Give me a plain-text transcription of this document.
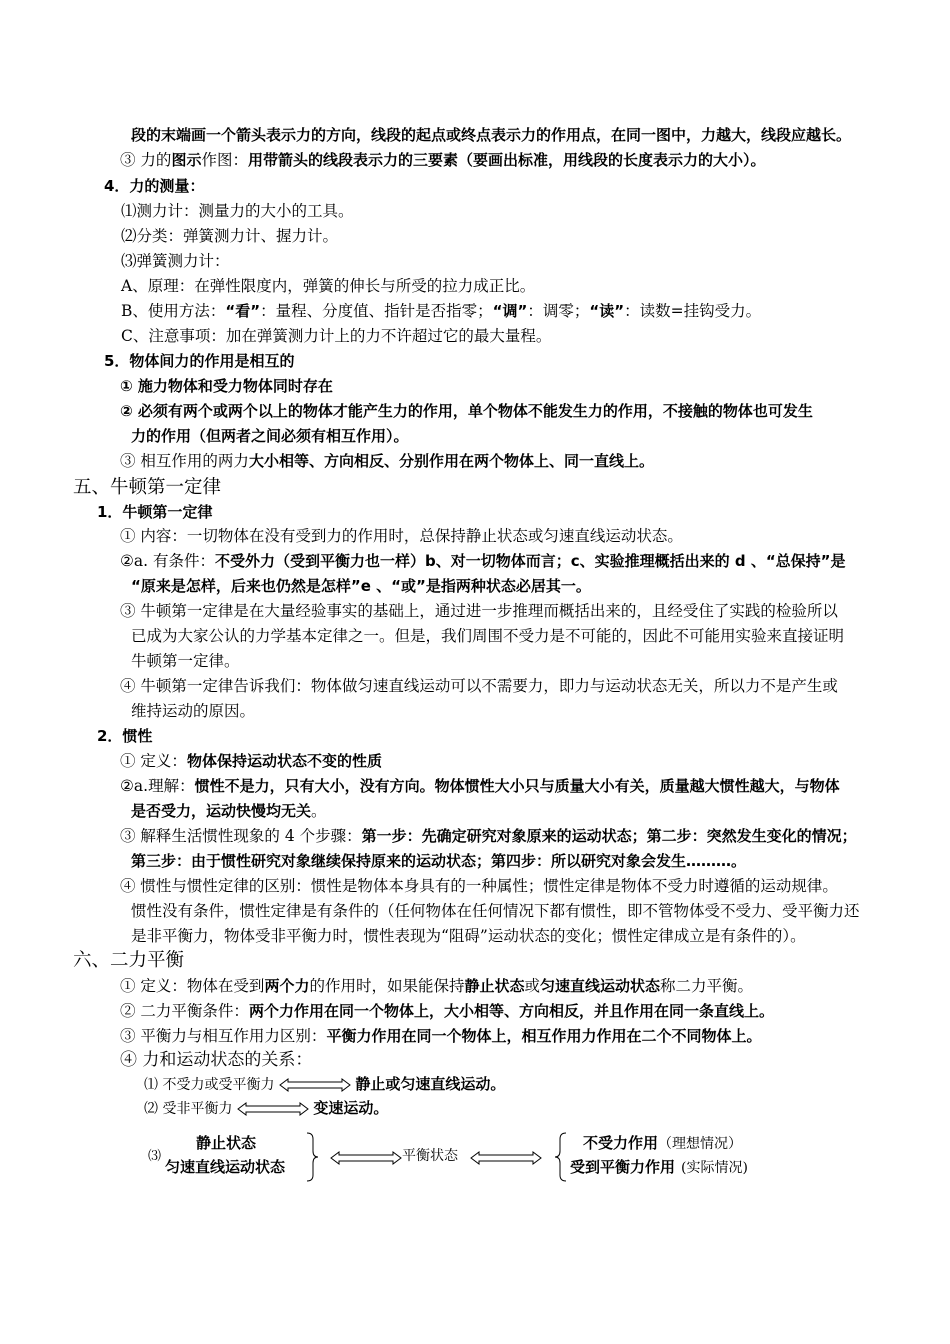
段的末端画一个箭头表示力的方向，线段的起点或终点表示力的作用点，在同一图中，力越大，线段应越长。
③ 力的图示作图：用带箭头的线段表示力的三要素（要画出标准，用线段的长度表示力的大小）。
4．力的测量：
⑴测力计：测量力的大小的工具。
⑵分类：弹簧测力计、握力计。
⑶弹簧测力计：
A、原理：在弹性限度内，弹簧的伸长与所受的拉力成正比。
B、使用方法：“看”：量程、分度值、指针是否指零；“调”：调零；“读”：读数=挂钩受力。
C、注意事项：加在弹簧测力计上的力不许超过它的最大量程。
5．物体间力的作用是相互的
① 施力物体和受力物体同时存在
② 必须有两个或两个以上的物体才能产生力的作用，单个物体不能发生力的作用，不接触的物体也可发生
力的作用（但两者之间必须有相互作用）。
③ 相互作用的两力大小相等、方向相反、分别作用在两个物体上、同一直线上。
五、牛顿第一定律
1．牛顿第一定律
① 内容：一切物体在没有受到力的作用时，总保持静止状态或匀速直线运动状态。
②a. 有条件：不受外力（受到平衡力也一样）b、对一切物体而言；c、实验推理概括出来的 d 、“总保持”是
“原来是怎样，后来也仍然是怎样”e 、“或”是指两种状态必居其一。
③ 牛顿第一定律是在大量经验事实的基础上，通过进一步推理而概括出来的，且经受住了实践的检验所以
已成为大家公认的力学基本定律之一。但是，我们周围不受力是不可能的，因此不可能用实验来直接证明
牛顿第一定律。
④ 牛顿第一定律告诉我们：物体做匀速直线运动可以不需要力，即力与运动状态无关，所以力不是产生或
维持运动的原因。
2．惯性
① 定义：物体保持运动状态不变的性质
②a.理解：惯性不是力，只有大小，没有方向。物体惯性大小只与质量大小有关，质量越大惯性越大，与物体
是否受力，运动快慢均无关。
③ 解释生活惯性现象的 4 个步骤：第一步：先确定研究对象原来的运动状态；第二步：突然发生变化的情况；
第三步：由于惯性研究对象继续保持原来的运动状态；第四步：所以研究对象会发生………。
④ 惯性与惯性定律的区别：惯性是物体本身具有的一种属性；惯性定律是物体不受力时遵循的运动规律。
惯性没有条件，惯性定律是有条件的（任何物体在任何情况下都有惯性，即不管物体受不受力、受平衡力还
是非平衡力，物体受非平衡力时，惯性表现为“阻碍”运动状态的变化；惯性定律成立是有条件的）。
六、二力平衡
① 定义：物体在受到两个力的作用时，如果能保持静止状态或匀速直线运动状态称二力平衡。
② 二力平衡条件：两个力作用在同一个物体上，大小相等、方向相反，并且作用在同一条直线上。
③ 平衡力与相互作用力区别：平衡力作用在同一个物体上，相互作用力作用在二个不同物体上。
④ 力和运动状态的关系：
⑴ 不受力或受平衡力	静止或匀速直线运动。
⑵ 受非平衡力	变速运动。
⑶
静止状态
匀速直线运动状态
平衡状态
不受力作用（理想情况）
受到平衡力作用 (实际情况)
